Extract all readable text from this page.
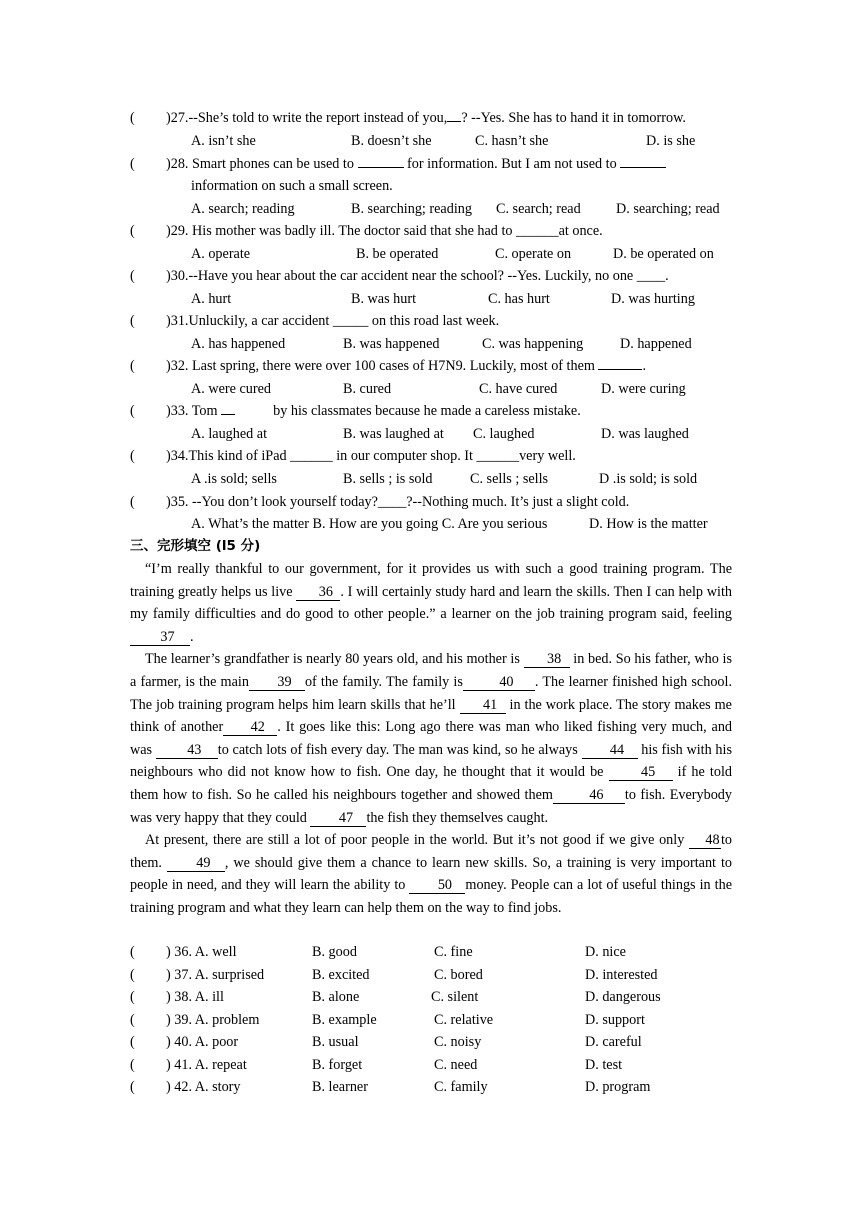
( )27.--She’s told to write the report instead of you, ? --Yes. She has to hand it in tomorrow.
A. isn’t she	B. doesn’t she	C. hasn’t she	D. is she
( )28. Smart phones can be used to	for information. But I am not used to
information on such a small screen.
A. search; reading	B. searching; reading C. search; read D. searching; read
( )29. His mother was badly ill. The doctor said that she had to ______at once.
A. operate	B. be operated	C. operate on	D. be operated on
( )30.--Have you hear about the car accident near the school? --Yes. Luckily, no one ____.
A. hurt	B. was hurt	C. has hurt	D. was hurting
( )31.Unluckily, a car accident _____ on this road last week.
A. has happened	B. was happened	C. was happening	D. happened
( )32. Last spring, there were over 100 cases of H7N9. Luckily, most of them	.
A. were cured	B. cured	C. have cured	D. were curing
( )33. Tom	by his classmates because he made a careless mistake.
A. laughed at	B. was laughed at C. laughed	D. was laughed
( )34.This kind of iPad ______ in our computer shop. It ______very well.
A .is sold; sells	B. sells ; is sold	C. sells ; sells	D .is sold; is sold
( )35. --You don’t look yourself today?____?--Nothing much. It’s just a slight cold.
A. What’s the matter B. How are you going C. Are you serious	D. How is the matter
三、完形填空 (l5 分)

“I’m really thankful to our government, for it provides us with such a good training program. The training greatly helps us live 36 . I will certainly study hard and learn the skills. Then I can help with my family difficulties and do good to other people.” a learner on the job training program said, feeling 37 .

The learner’s grandfather is nearly 80 years old, and his mother is 38 in bed. So his father, who is a farmer, is the main 39 of the family. The family is	40 . The learner finished high school. The job training program helps him learn skills that he’ll 41 in the work place. The story makes me think of another 42 . It goes like this: Long ago there was man who liked fishing very much, and was 43 to catch lots of fish every day. The man was kind, so he always 44 his fish with his neighbours who did not know how to fish. One day, he thought that it would be 45 if he told them how to fish. So he called his neighbours together and showed them	46 to fish. Everybody was very happy that they could 47 the fish they themselves caught.

At present, there are still a lot of poor people in the world. But it’s not good if we give only 48to them. 49 , we should give them a chance to learn new skills. So, a training is very important to people in need, and they will learn the ability to 50 money. People can a lot of useful things in the training program and what they learn can help them on the way to find jobs.

( ) 36. A. well	B. good	C. fine	D. nice
( ) 37. A. surprised	B. excited	C. bored	D. interested
( ) 38. A. ill	B. alone	C. silent	D. dangerous
( ) 39. A. problem	B. example	C. relative	D. support
( ) 40. A. poor	B. usual	C. noisy	D. careful
( ) 41. A. repeat	B. forget	C. need	D. test
( ) 42. A. story	B. learner	C. family	D. program
